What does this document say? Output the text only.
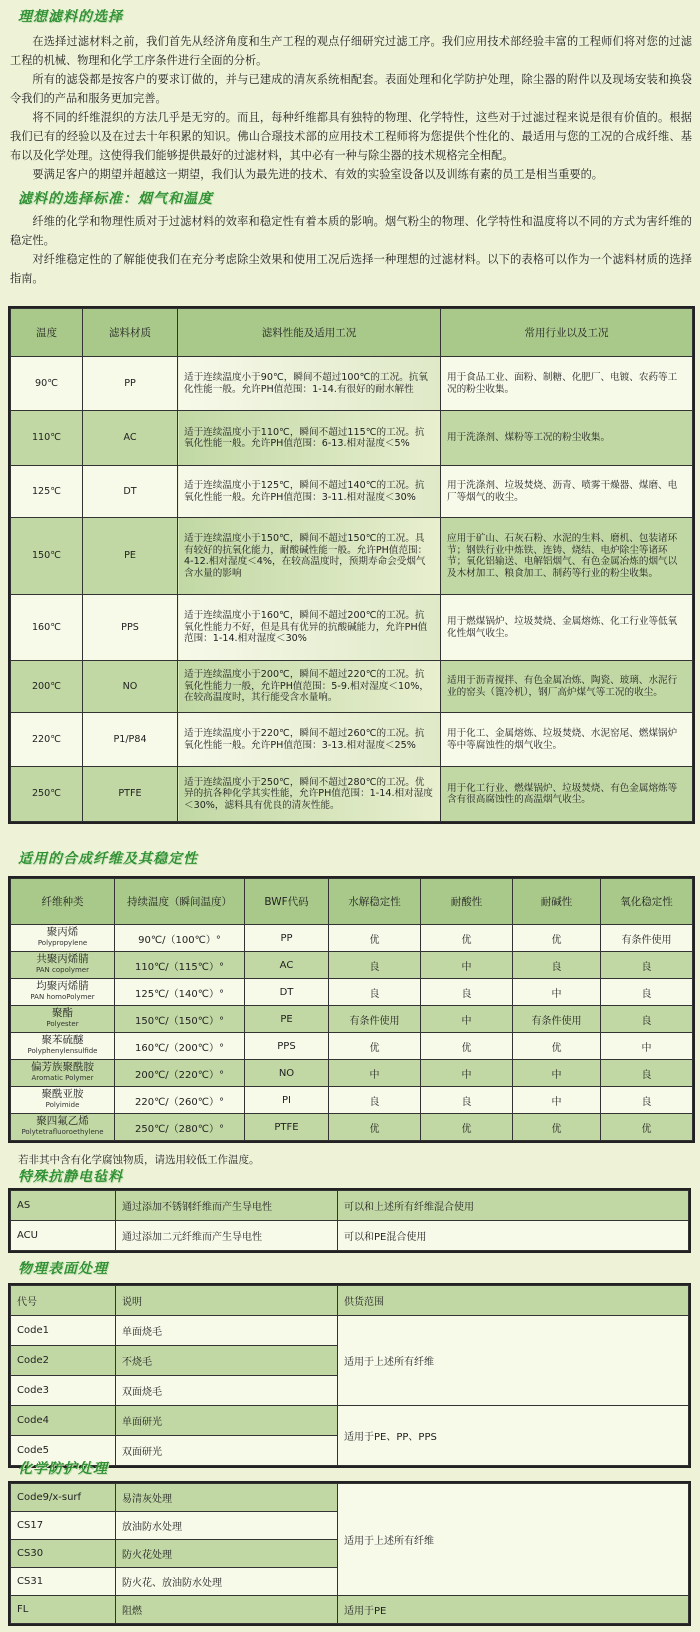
理想滤料的选择

在选择过滤材料之前，我们首先从经济角度和生产工程的观点仔细研究过滤工序。我们应用技术部经验丰富的工程师们将对您的过滤工程的机械、物理和化学工序条件进行全面的分析。

所有的滤袋都是按客户的要求订做的，并与已建成的清灰系统相配套。表面处理和化学防护处理，除尘器的附件以及现场安装和换袋令我们的产品和服务更加完善。

将不同的纤维混织的方法几乎是无穷的。而且，每种纤维都具有独特的物理、化学特性，这些对于过滤过程来说是很有价值的。根据我们已有的经验以及在过去十年积累的知识。佛山合璟技术部的应用技术工程师将为您提供个性化的、最适用与您的工况的合成纤维、基布以及化学处理。这使得我们能够提供最好的过滤材料，其中必有一种与除尘器的技术规格完全相配。

要满足客户的期望并超越这一期望，我们认为最先进的技术、有效的实验室设备以及训练有素的员工是相当重要的。

滤料的选择标准：烟气和温度

纤维的化学和物理性质对于过滤材料的效率和稳定性有着本质的影响。烟气粉尘的物理、化学特性和温度将以不同的方式为害纤维的稳定性。

对纤维稳定性的了解能使我们在充分考虑除尘效果和使用工况后选择一种理想的过滤材料。以下的表格可以作为一个滤料材质的选择指南。

温度	滤料材质	滤料性能及适用工况	常用行业以及工况
90℃	PP	适于连续温度小于90℃，瞬间不超过100℃的工况。抗氧化性能一般。允许PH值范围：1-14.有很好的耐水解性	用于食品工业、面粉、制糖、化肥厂、电镀、农药等工况的粉尘收集。
110℃	AC	适于连续温度小于110℃，瞬间不超过115℃的工况。抗氧化性能一般。允许PH值范围：6-13.相对湿度＜5%	用于洗涤剂、煤粉等工况的粉尘收集。
125℃	DT	适于连续温度小于125℃，瞬间不超过140℃的工况。抗氧化性能一般。允许PH值范围：3-11.相对湿度＜30%	用于洗涤剂、垃圾焚烧、沥青、喷雾干燥器、煤磨、电厂等烟气的收尘。
150℃	PE	适于连续温度小于150℃，瞬间不超过150℃的工况。具有较好的抗氧化能力，耐酸碱性能一般。允许PH值范围：4-12.相对湿度＜4%，在较高温度时，预期寿命会受烟气含水量的影响	应用于矿山、石灰石粉、水泥的生料、磨机、包装诸环节；钢铁行业中炼铁、连铸、烧结、电炉除尘等诸环节；氧化铝输送、电解铝烟气、有色金属冶炼的烟气以及木材加工、粮食加工、制药等行业的粉尘收集。
160℃	PPS	适于连续温度小于160℃，瞬间不超过200℃的工况。抗氧化性能力不好，但是具有优异的抗酸碱能力，允许PH值范围：1-14.相对湿度＜30%	用于燃煤锅炉、垃圾焚烧、金属熔炼、化工行业等低氧化性烟气收尘。
200℃	NO	适于连续温度小于200℃，瞬间不超过220℃的工况。抗氧化性能力一般，允许PH值范围：5-9.相对湿度＜10%，在较高温度时，其行能受含水量响。	适用于沥青搅拌、有色金属冶炼、陶瓷、玻璃、水泥行业的窑头（篦冷机），钢厂高炉煤气等工况的收尘。
220℃	P1/P84	适于连续温度小于220℃，瞬间不超过260℃的工况。抗氧化性能一般。允许PH值范围：3-13.相对湿度＜25%	用于化工、金属熔炼、垃圾焚烧、水泥窑尾、燃煤锅炉等中等腐蚀性的烟气收尘。
250℃	PTFE	适于连续温度小于250℃，瞬间不超过280℃的工况。优异的抗各种化学其实性能，允许PH值范围：1-14.相对湿度＜30%，滤料具有优良的清灰性能。	用于化工行业、燃煤锅炉、垃圾焚烧、有色金属熔炼等含有很高腐蚀性的高温烟气收尘。
适用的合成纤维及其稳定性
纤维种类	持续温度（瞬间温度）	BWF代码	水解稳定性	耐酸性	耐碱性	氧化稳定性

聚丙烯
Polypropylene	90℃/（100℃）°	PP	优	优	优	有条件使用

共聚丙烯腈
PAN copolymer	110℃/（115℃）°	AC	良	中	良	良

均聚丙烯腈
PAN homoPolymer	125℃/（140℃）°	DT	良	良	中	良

聚酯
Polyester	150℃/（150℃）°	PE	有条件使用	中	有条件使用	良

聚苯硫醚
Polyphenylensulfide	160℃/（200℃）°	PPS	优	优	优	中

偏芳族聚酰胺
Aromatic Polymer	200℃/（220℃）°	NO	中	中	中	良

聚酰亚胺
Polyimide	220℃/（260℃）°	PI	良	良	中	良

聚四氟乙烯
Polytetrafluoroethylene	250℃/（280℃）°	PTFE	优	优	优	优
若非其中含有化学腐蚀物质，请选用较低工作温度。
特殊抗静电毡料
AS	通过添加不锈钢纤维而产生导电性	可以和上述所有纤维混合使用
ACU	通过添加二元纤维而产生导电性	可以和PE混合使用
物理表面处理
代号	说明	供货范围
Code1	单面烧毛	适用于上述所有纤维
Code2	不烧毛	
Code3	双面烧毛	
Code4	单面研光	适用于PE、PP、PPS
Code5	双面研光	
化学防护处理
Code9/x-surf	易清灰处理	适用于上述所有纤维
CS17	放油防水处理	
CS30	防火花处理	
CS31	防火花、放油防水处理	
FL	阻燃	适用于PE
